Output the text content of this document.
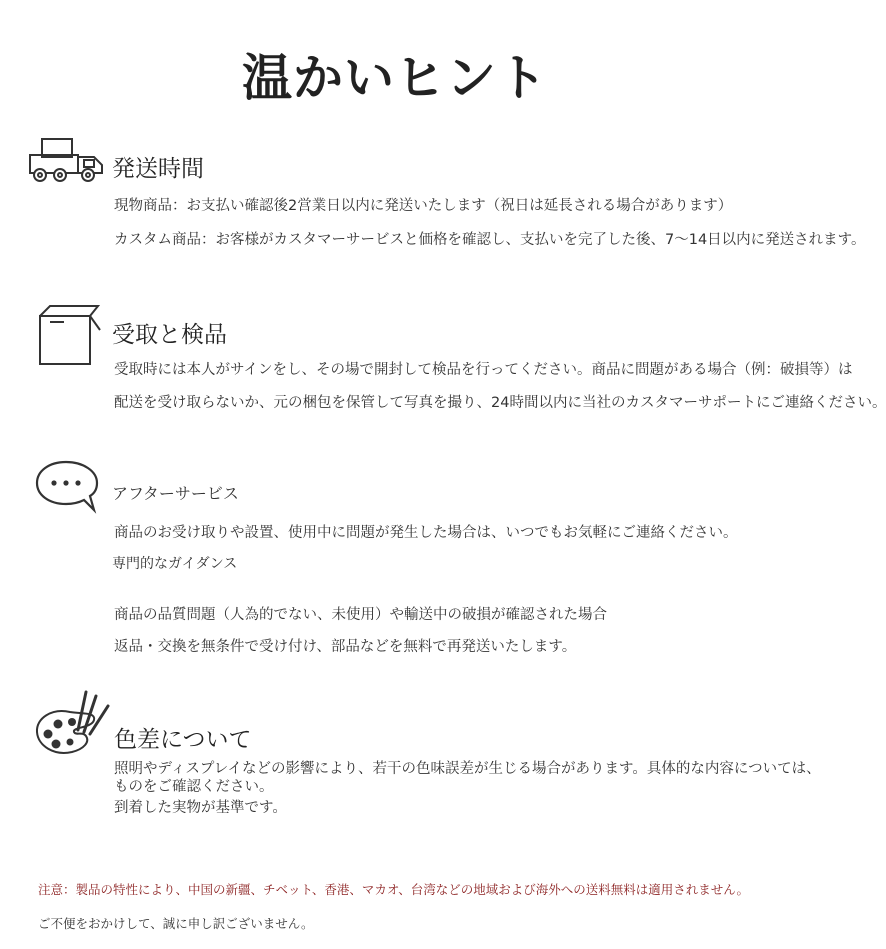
温かいヒント
発送時間
現物商品：お支払い確認後2営業日以内に発送いたします（祝日は延長される場合があります）
カスタム商品：お客様がカスタマーサービスと価格を確認し、支払いを完了した後、7〜14日以内に発送されます。
受取と検品
受取時には本人がサインをし、その場で開封して検品を行ってください。商品に問題がある場合（例：破損等）は
配送を受け取らないか、元の梱包を保管して写真を撮り、24時間以内に当社のカスタマーサポートにご連絡ください。
アフターサービス
商品のお受け取りや設置、使用中に問題が発生した場合は、いつでもお気軽にご連絡ください。
専門的なガイダンス
商品の品質問題（人為的でない、未使用）や輸送中の破損が確認された場合
返品・交換を無条件で受け付け、部品などを無料で再発送いたします。
色差について
照明やディスプレイなどの影響により、若干の色味誤差が生じる場合があります。具体的な内容については、
ものをご確認ください。
到着した実物が基準です。
注意：製品の特性により、中国の新疆、チベット、香港、マカオ、台湾などの地域および海外への送料無料は適用されません。
ご不便をおかけして、誠に申し訳ございません。
